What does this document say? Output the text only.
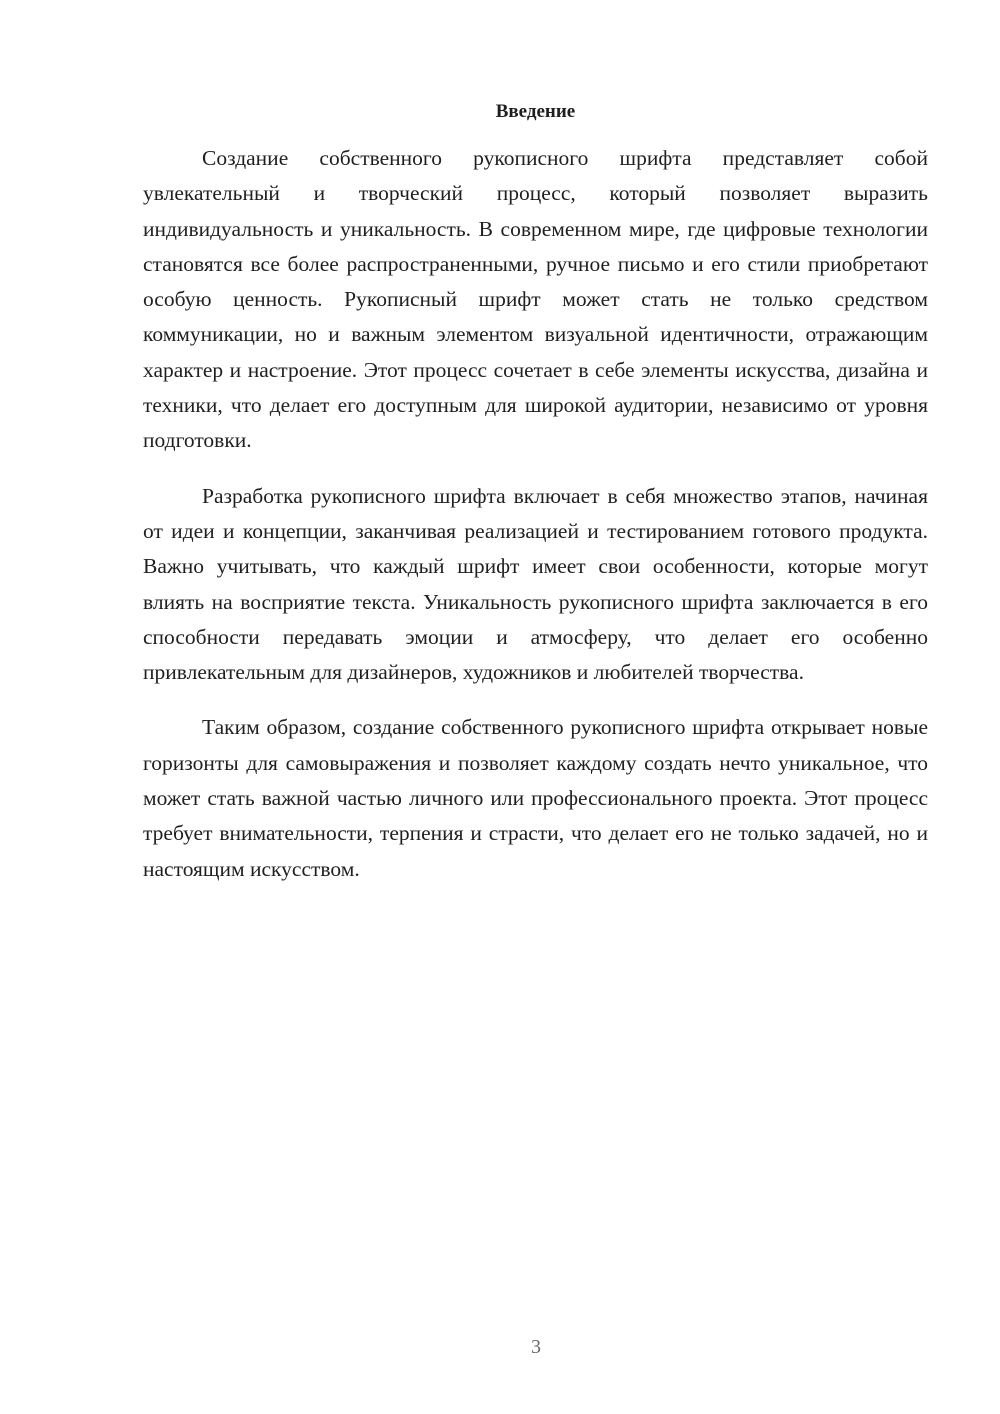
Введение

Создание собственного рукописного шрифта представляет собой увлекательный и творческий процесс, который позволяет выразить индивидуальность и уникальность. В современном мире, где цифровые технологии становятся все более распространенными, ручное письмо и его стили приобретают особую ценность. Рукописный шрифт может стать не только средством коммуникации, но и важным элементом визуальной идентичности, отражающим характер и настроение. Этот процесс сочетает в себе элементы искусства, дизайна и техники, что делает его доступным для широкой аудитории, независимо от уровня подготовки.

Разработка рукописного шрифта включает в себя множество этапов, начиная от идеи и концепции, заканчивая реализацией и тестированием готового продукта. Важно учитывать, что каждый шрифт имеет свои особенности, которые могут влиять на восприятие текста. Уникальность рукописного шрифта заключается в его способности передавать эмоции и атмосферу, что делает его особенно привлекательным для дизайнеров, художников и любителей творчества.

Таким образом, создание собственного рукописного шрифта открывает новые горизонты для самовыражения и позволяет каждому создать нечто уникальное, что может стать важной частью личного или профессионального проекта. Этот процесс требует внимательности, терпения и страсти, что делает его не только задачей, но и настоящим искусством.

3
